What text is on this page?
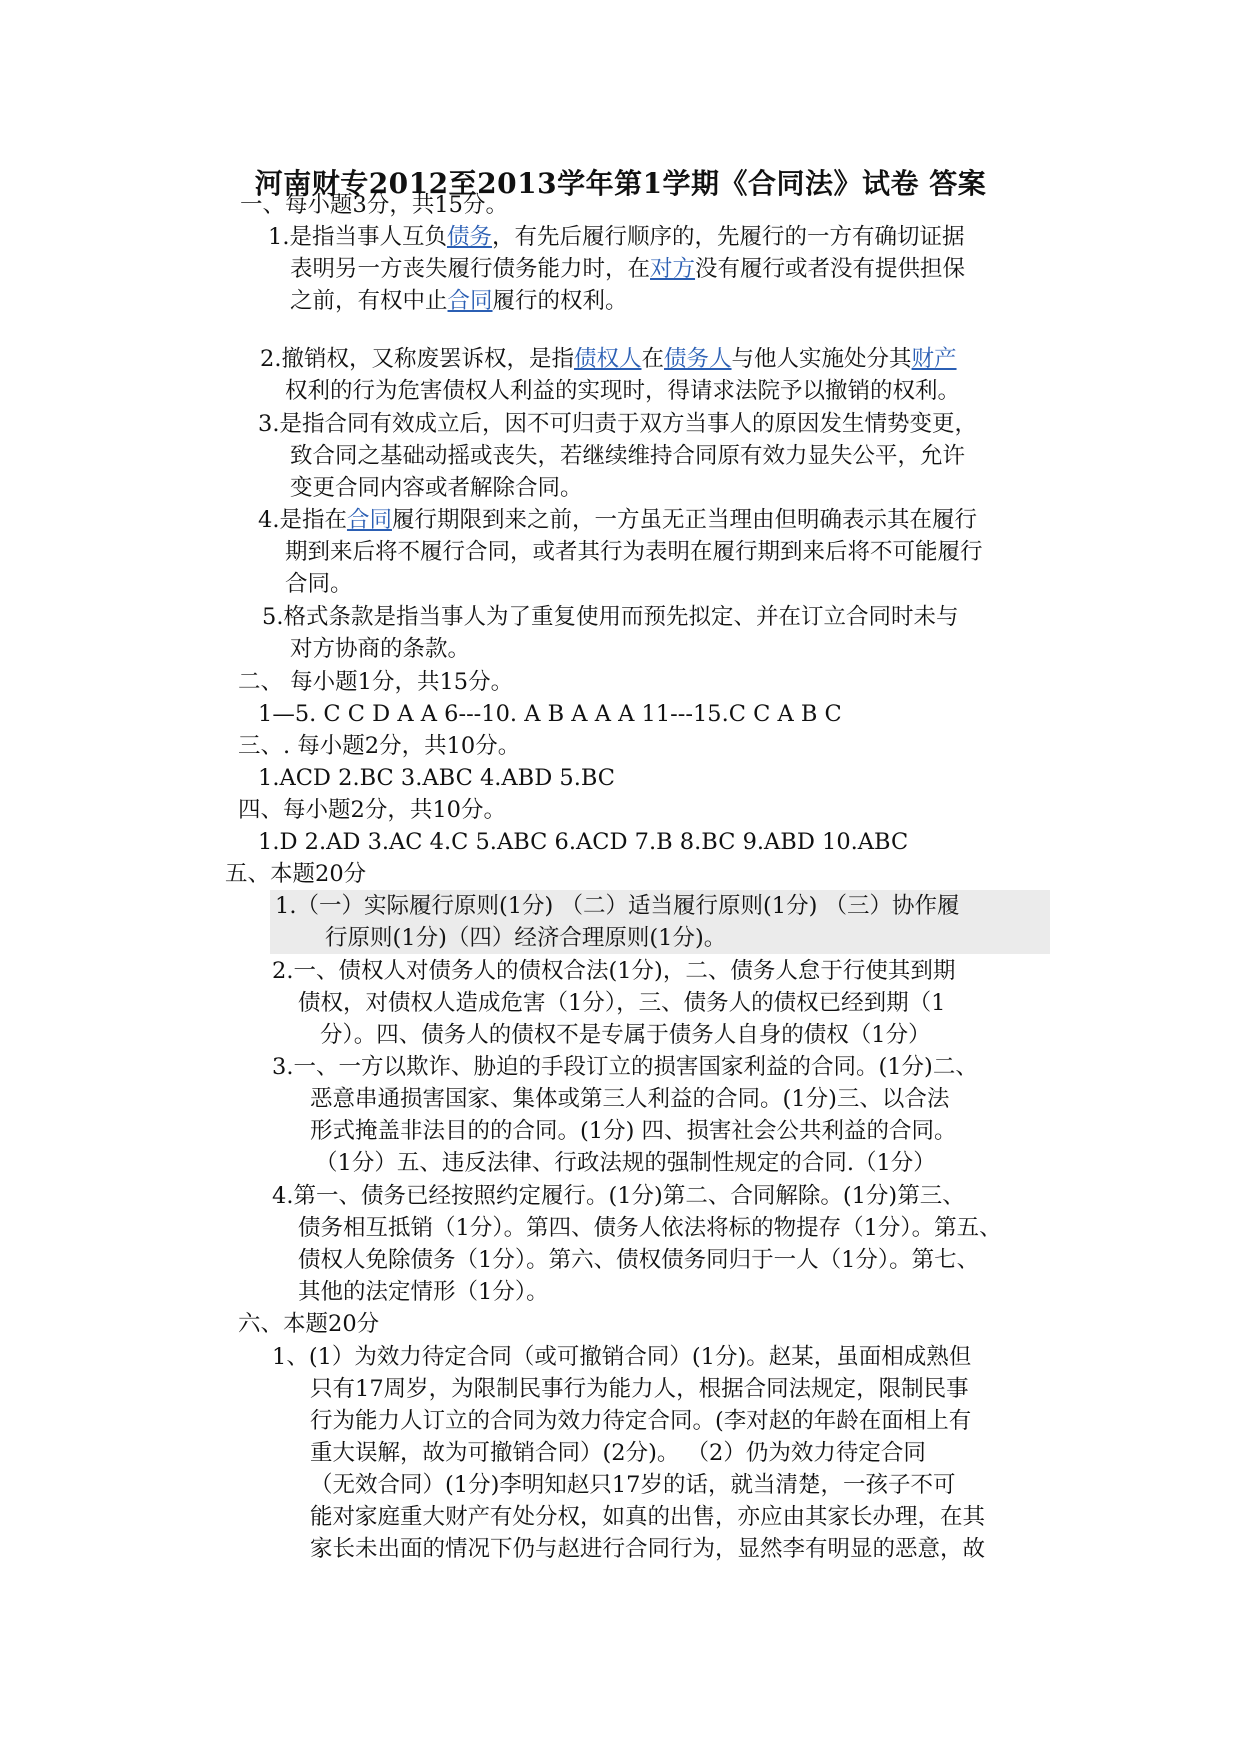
河南财专2012至2013学年第1学期《合同法》试卷 答案
一、每小题3分，共15分。
1.是指当事人互负债务，有先后履行顺序的，先履行的一方有确切证据
表明另一方丧失履行债务能力时，在对方没有履行或者没有提供担保
之前，有权中止合同履行的权利。
2.撤销权，又称废罢诉权，是指债权人在债务人与他人实施处分其财产
权利的行为危害债权人利益的实现时，得请求法院予以撤销的权利。
3.是指合同有效成立后，因不可归责于双方当事人的原因发生情势变更，
致合同之基础动摇或丧失，若继续维持合同原有效力显失公平，允许
变更合同内容或者解除合同。
4.是指在合同履行期限到来之前，一方虽无正当理由但明确表示其在履行
期到来后将不履行合同，或者其行为表明在履行期到来后将不可能履行
合同。
5.格式条款是指当事人为了重复使用而预先拟定、并在订立合同时未与
对方协商的条款。
二、 每小题1分，共15分。
1—5. C C D A A 6---10. A B A A A 11---15.C C A B C
三、. 每小题2分，共10分。
1.ACD 2.BC 3.ABC 4.ABD 5.BC
四、每小题2分，共10分。
1.D 2.AD 3.AC 4.C 5.ABC 6.ACD 7.B 8.BC 9.ABD 10.ABC
五、本题20分
1.（一）实际履行原则(1分) （二）适当履行原则(1分) （三）协作履
行原则(1分)（四）经济合理原则(1分)。
2.一、债权人对债务人的债权合法(1分)，二、债务人怠于行使其到期
债权，对债权人造成危害（1分），三、债务人的债权已经到期（1
分）。四、债务人的债权不是专属于债务人自身的债权（1分）
3.一、一方以欺诈、胁迫的手段订立的损害国家利益的合同。(1分)二、
恶意串通损害国家、集体或第三人利益的合同。(1分)三、以合法
形式掩盖非法目的的合同。(1分) 四、损害社会公共利益的合同。
（1分）五、违反法律、行政法规的强制性规定的合同.（1分）
4.第一、债务已经按照约定履行。(1分)第二、合同解除。(1分)第三、
债务相互抵销（1分）。第四、债务人依法将标的物提存（1分）。第五、
债权人免除债务（1分）。第六、债权债务同归于一人（1分）。第七、
其他的法定情形（1分）。
六、本题20分
1、(1）为效力待定合同（或可撤销合同）(1分)。赵某，虽面相成熟但
只有17周岁，为限制民事行为能力人，根据合同法规定，限制民事
行为能力人订立的合同为效力待定合同。(李对赵的年龄在面相上有
重大误解，故为可撤销合同）(2分)。 （2）仍为效力待定合同
（无效合同）(1分)李明知赵只17岁的话，就当清楚，一孩子不可
能对家庭重大财产有处分权，如真的出售，亦应由其家长办理，在其
家长未出面的情况下仍与赵进行合同行为，显然李有明显的恶意，故
